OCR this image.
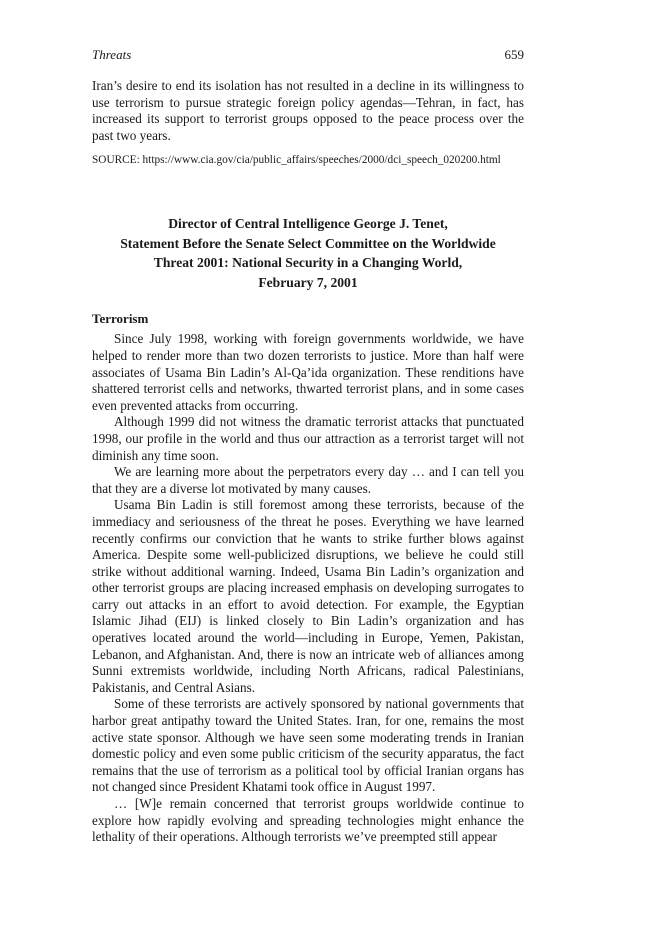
Threats	659

Iran’s desire to end its isolation has not resulted in a decline in its willingness to use terrorism to pursue strategic foreign policy agendas—Tehran, in fact, has increased its support to terrorist groups opposed to the peace process over the past two years.

SOURCE: https://www.cia.gov/cia/public_affairs/speeches/2000/dci_speech_020200.html

Director of Central Intelligence George J. Tenet,
Statement Before the Senate Select Committee on the Worldwide
Threat 2001: National Security in a Changing World,
February 7, 2001
Terrorism

Since July 1998, working with foreign governments worldwide, we have helped to render more than two dozen terrorists to justice. More than half were associates of Usama Bin Ladin’s Al-Qa’ida organization. These renditions have shattered terrorist cells and networks, thwarted terrorist plans, and in some cases even prevented attacks from occurring.

Although 1999 did not witness the dramatic terrorist attacks that punctuated 1998, our profile in the world and thus our attraction as a terrorist target will not diminish any time soon.

We are learning more about the perpetrators every day … and I can tell you that they are a diverse lot motivated by many causes.

Usama Bin Ladin is still foremost among these terrorists, because of the immediacy and seriousness of the threat he poses. Everything we have learned recently confirms our conviction that he wants to strike further blows against America. Despite some well-publicized disruptions, we believe he could still strike without additional warning. Indeed, Usama Bin Ladin’s organization and other terrorist groups are placing increased emphasis on developing surrogates to carry out attacks in an effort to avoid detection. For example, the Egyptian Islamic Jihad (EIJ) is linked closely to Bin Ladin’s organization and has operatives located around the world—including in Europe, Yemen, Pakistan, Lebanon, and Afghanistan. And, there is now an intricate web of alliances among Sunni extremists worldwide, including North Africans, radical Palestinians, Pakistanis, and Central Asians.

Some of these terrorists are actively sponsored by national governments that harbor great antipathy toward the United States. Iran, for one, remains the most active state sponsor. Although we have seen some moderating trends in Iranian domestic policy and even some public criticism of the security apparatus, the fact remains that the use of terrorism as a political tool by official Iranian organs has not changed since President Khatami took office in August 1997.

… [W]e remain concerned that terrorist groups worldwide continue to explore how rapidly evolving and spreading technologies might enhance the lethality of their operations. Although terrorists we’ve preempted still appear
